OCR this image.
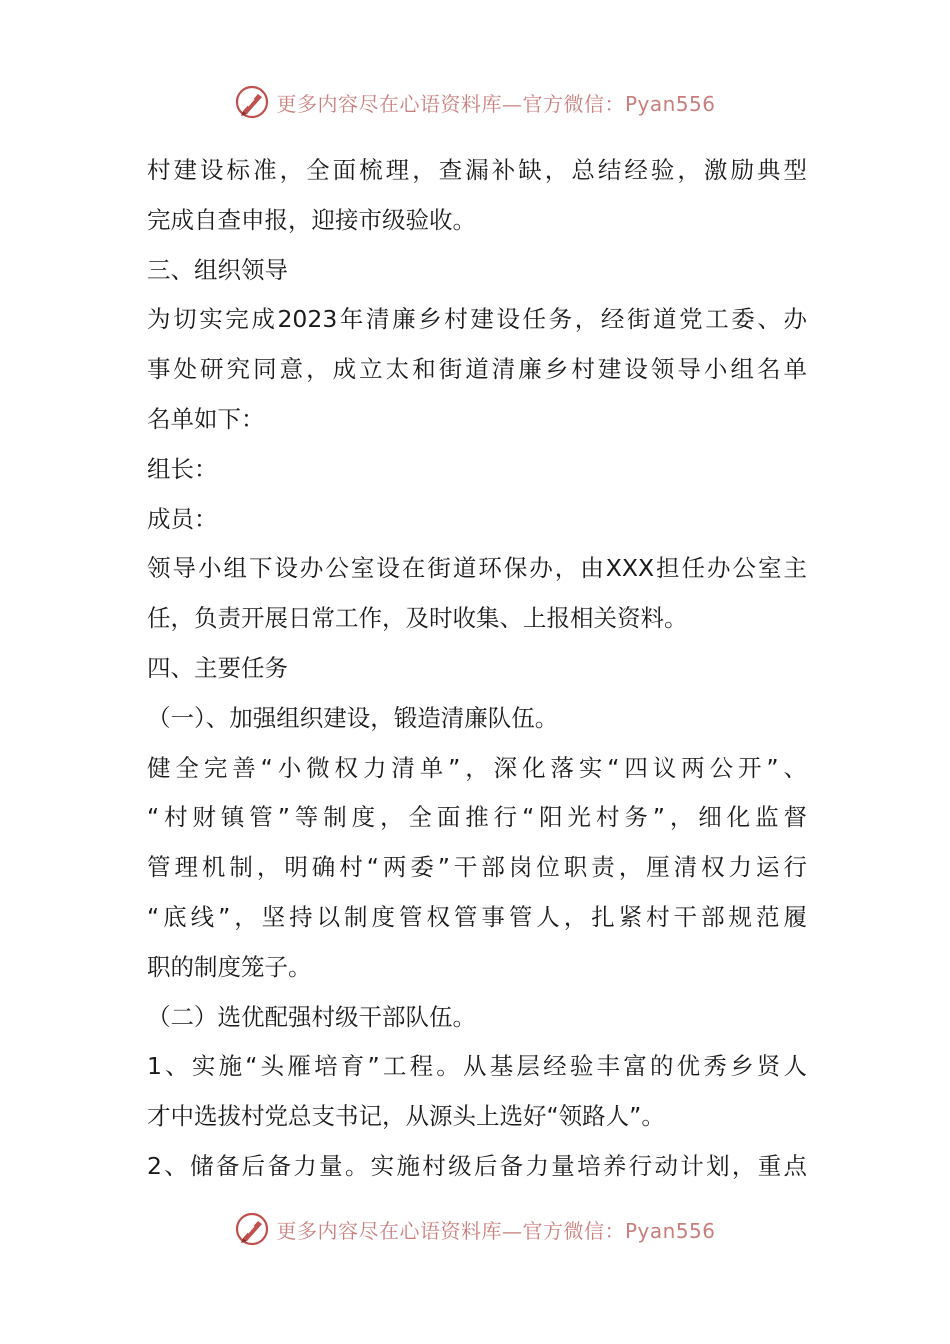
更多内容尽在心语资料库—官方微信：Pyan556
村建设标准，全面梳理，查漏补缺，总结经验，激励典型
完成自查申报，迎接市级验收。
三、组织领导
为切实完成2023年清廉乡村建设任务，经街道党工委、办
事处研究同意，成立太和街道清廉乡村建设领导小组名单
名单如下：
组长：
成员：
领导小组下设办公室设在街道环保办，由XXX担任办公室主
任，负责开展日常工作，及时收集、上报相关资料。
四、主要任务
（一）、加强组织建设，锻造清廉队伍。
健全完善“小微权力清单”，深化落实“四议两公开”、
“村财镇管”等制度，全面推行“阳光村务”，细化监督
管理机制，明确村“两委”干部岗位职责，厘清权力运行
“底线”，坚持以制度管权管事管人，扎紧村干部规范履
职的制度笼子。
（二）选优配强村级干部队伍。
1、实施“头雁培育”工程。从基层经验丰富的优秀乡贤人
才中选拔村党总支书记，从源头上选好“领路人”。
2、储备后备力量。实施村级后备力量培养行动计划，重点
更多内容尽在心语资料库—官方微信：Pyan556
